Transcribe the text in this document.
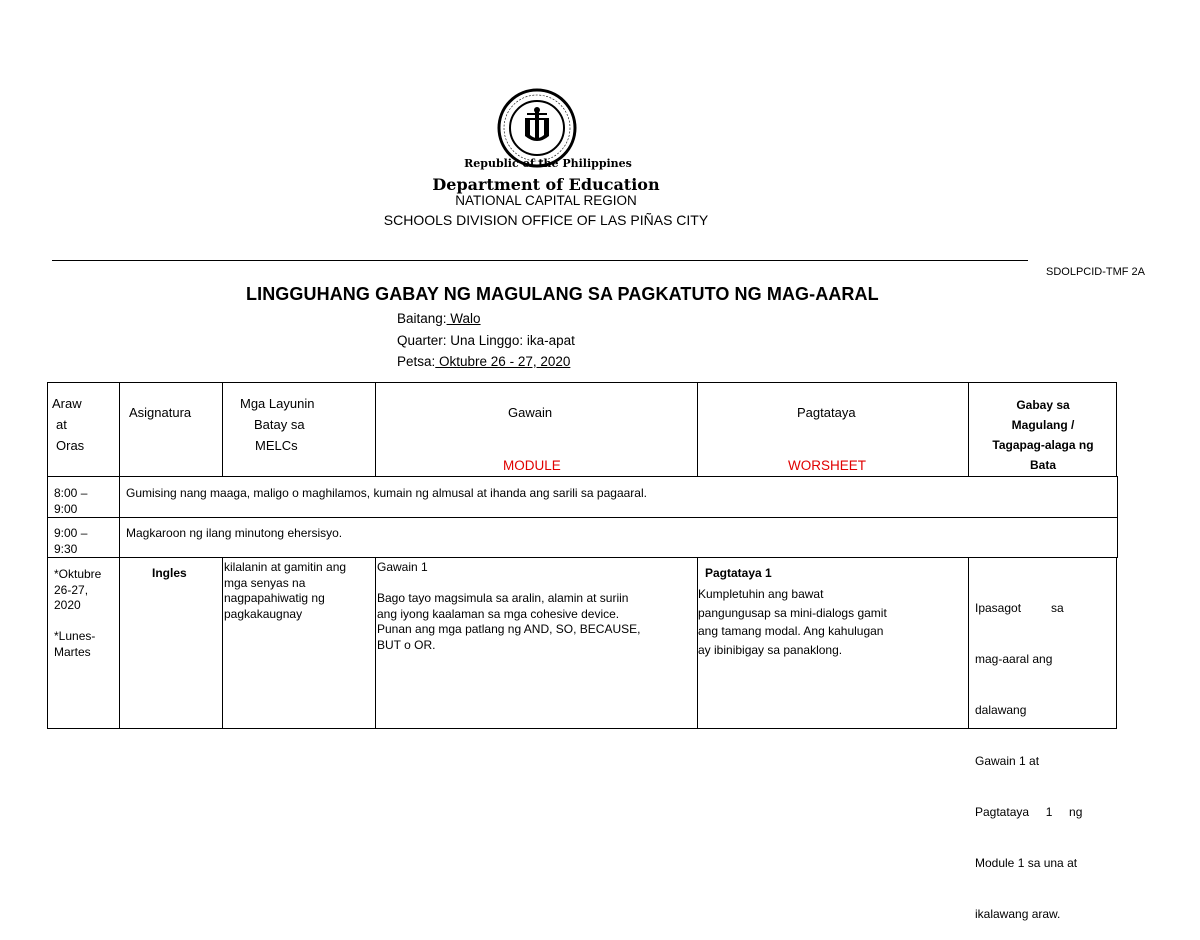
Republic of the Philippines
Department of Education
NATIONAL CAPITAL REGION
SCHOOLS DIVISION OFFICE OF LAS PIÑAS CITY
SDOLPCID-TMF 2A
LINGGUHANG GABAY NG MAGULANG SA PAGKATUTO NG MAG-AARAL
Baitang: Walo
Quarter: Una Linggo: ika-apat
Petsa: Oktubre 26 - 27, 2020
Araw
at
Oras
Asignatura
Mga Layunin
Batay sa
MELCs
Gawain
MODULE
Pagtataya
WORSHEET
Gabay sa
Magulang /
Tagapag-alaga ng
Bata
8:00 –
9:00
Gumising nang maaga, maligo o maghilamos, kumain ng almusal at ihanda ang sarili sa pagaaral.
9:00 –
9:30
Magkaroon ng ilang minutong ehersisyo.
*Oktubre
26-27,
2020
*Lunes-
Martes
Ingles	kilalanin at gamitin ang
mga senyas na
nagpapahiwatig ng
pagkakaugnay
Gawain 1
Bago tayo magsimula sa aralin, alamin at suriin
ang iyong kaalaman sa mga cohesive device.
Punan ang mga patlang ng AND, SO, BECAUSE,
BUT o OR.
Pagtataya 1
Kumpletuhin ang bawat
pangungusap sa mini-dialogs gamit
ang tamang modal. Ang kahulugan
ay ibinibigay sa panaklong.

Ipasagot         sa

mag-aaral ang

dalawang

Gawain 1 at

Pagtataya     1     ng

Module 1 sa una at

ikalawang araw.
